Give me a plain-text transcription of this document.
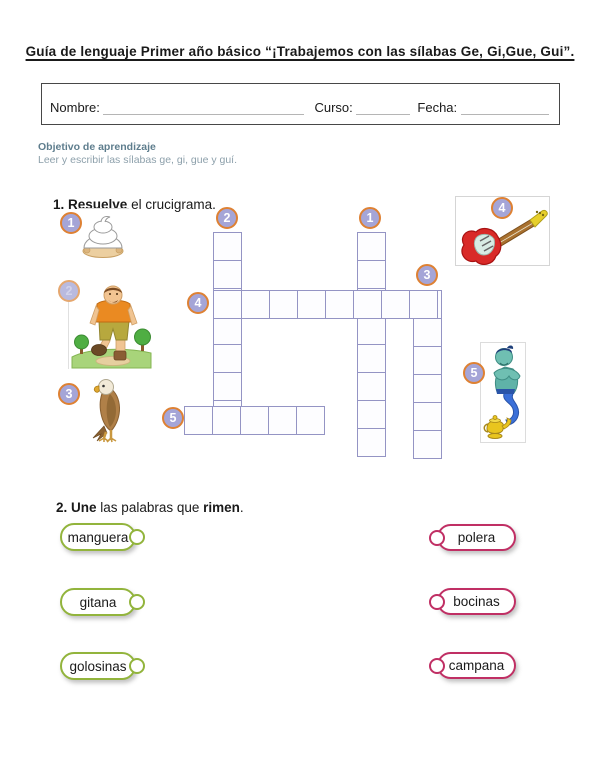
Guía de lenguaje Primer año básico “¡Trabajemos con las sílabas Ge, Gi,Gue, Gui”.
Nombre:
	Curso:
	Fecha:

Objetivo de aprendizaje
Leer y escribir las sílabas ge, gi, gue y guí.

1. Resuelve el crucigrama.

2	1
3
4
5
1
2
3
4
5

2. Une las palabras que rimen.

manguera
gitana
golosinas
polera
bocinas
campana
